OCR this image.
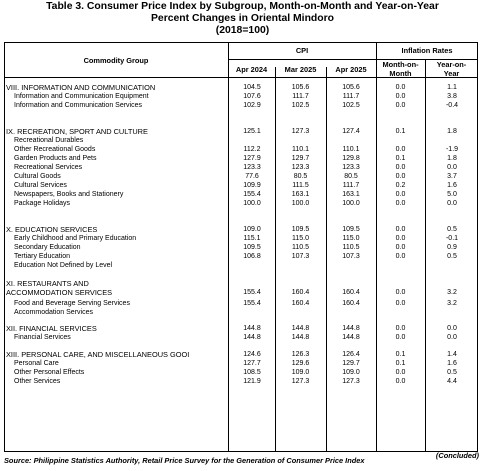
Table 3. Consumer Price Index by Subgroup, Month-on-Month and Year-on-Year
Percent Changes in Oriental Mindoro
(2018=100)
Commodity Group
CPI	Inflation Rates
Apr 2024	Mar 2025	Apr 2025
Month-on-
Month
Year-on-
Year
VIII. INFORMATION AND COMMUNICATION	104.5	105.6	105.6	0.0	1.1
Information and Communication Equipment	107.6	111.7	111.7	0.0	3.8
Information and Communication Services	102.9	102.5	102.5	0.0	-0.4
IX. RECREATION, SPORT AND CULTURE	125.1	127.3	127.4	0.1	1.8
Recreational Durables
Other Recreational Goods	112.2	110.1	110.1	0.0	-1.9
Garden Products and Pets	127.9	129.7	129.8	0.1	1.8
Recreational Services	123.3	123.3	123.3	0.0	0.0
Cultural Goods	77.6	80.5	80.5	0.0	3.7
Cultural Services	109.9	111.5	111.7	0.2	1.6
Newspapers, Books and Stationery	155.4	163.1	163.1	0.0	5.0
Package Holidays	100.0	100.0	100.0	0.0	0.0
X. EDUCATION SERVICES	109.0	109.5	109.5	0.0	0.5
Early Childhood and Primary Education	115.1	115.0	115.0	0.0	-0.1
Secondary Education	109.5	110.5	110.5	0.0	0.9
Tertiary Education	106.8	107.3	107.3	0.0	0.5
Education Not Defined by Level
XI. RESTAURANTS AND
ACCOMMODATION SERVICES	155.4	160.4	160.4	0.0	3.2
Food and Beverage Serving Services	155.4	160.4	160.4	0.0	3.2
Accommodation Services
XII. FINANCIAL SERVICES	144.8	144.8	144.8	0.0	0.0
Financial Services	144.8	144.8	144.8	0.0	0.0
XIII. PERSONAL CARE, AND MISCELLANEOUS GOOI	124.6	126.3	126.4	0.1	1.4
Personal Care	127.7	129.6	129.7	0.1	1.6
Other Personal Effects	108.5	109.0	109.0	0.0	0.5
Other Services	121.9	127.3	127.3	0.0	4.4
(Concluded)
Source: Philippine Statistics Authority, Retail Price Survey for the Generation of Consumer Price Index
